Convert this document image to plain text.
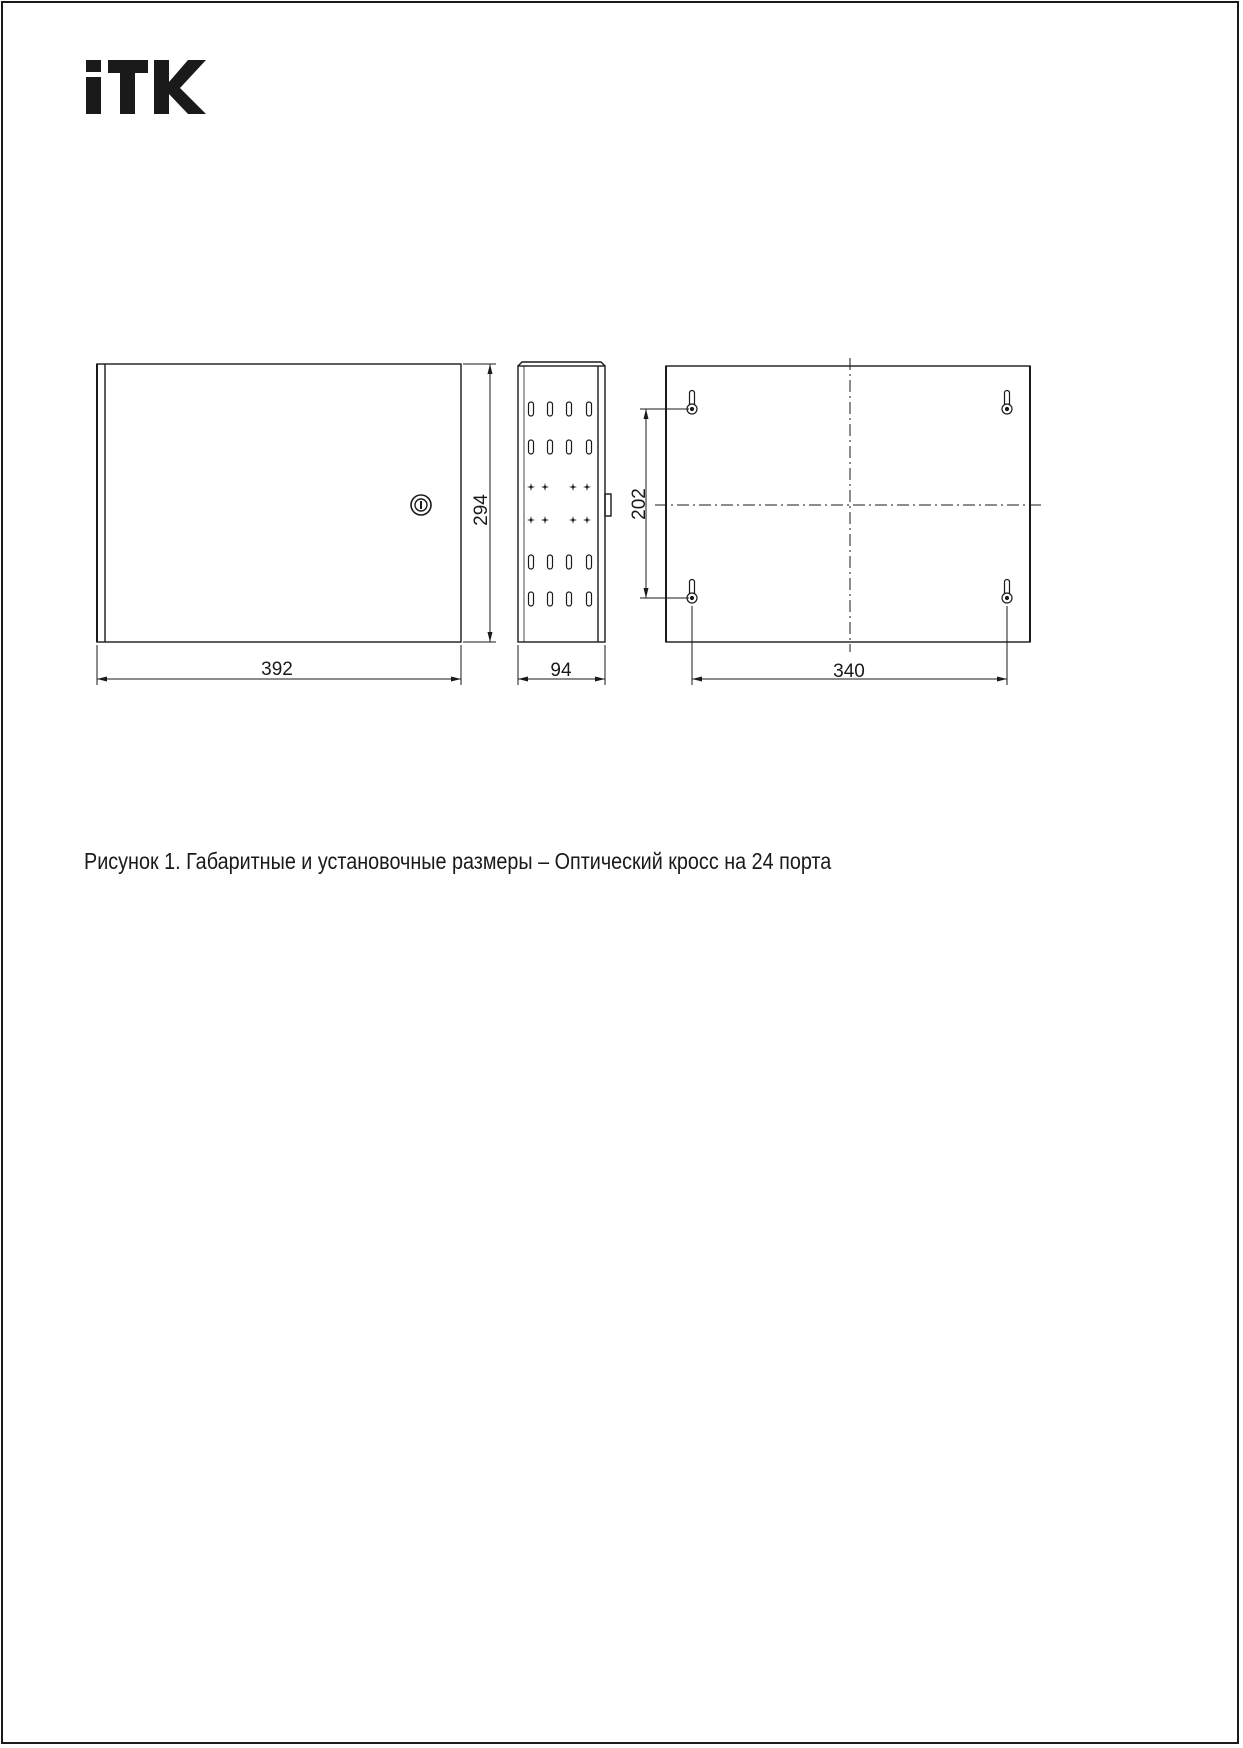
392
294
94	340
202
Рисунок 1. Габаритные и установочные размеры – Оптический кросс на 24 порта
